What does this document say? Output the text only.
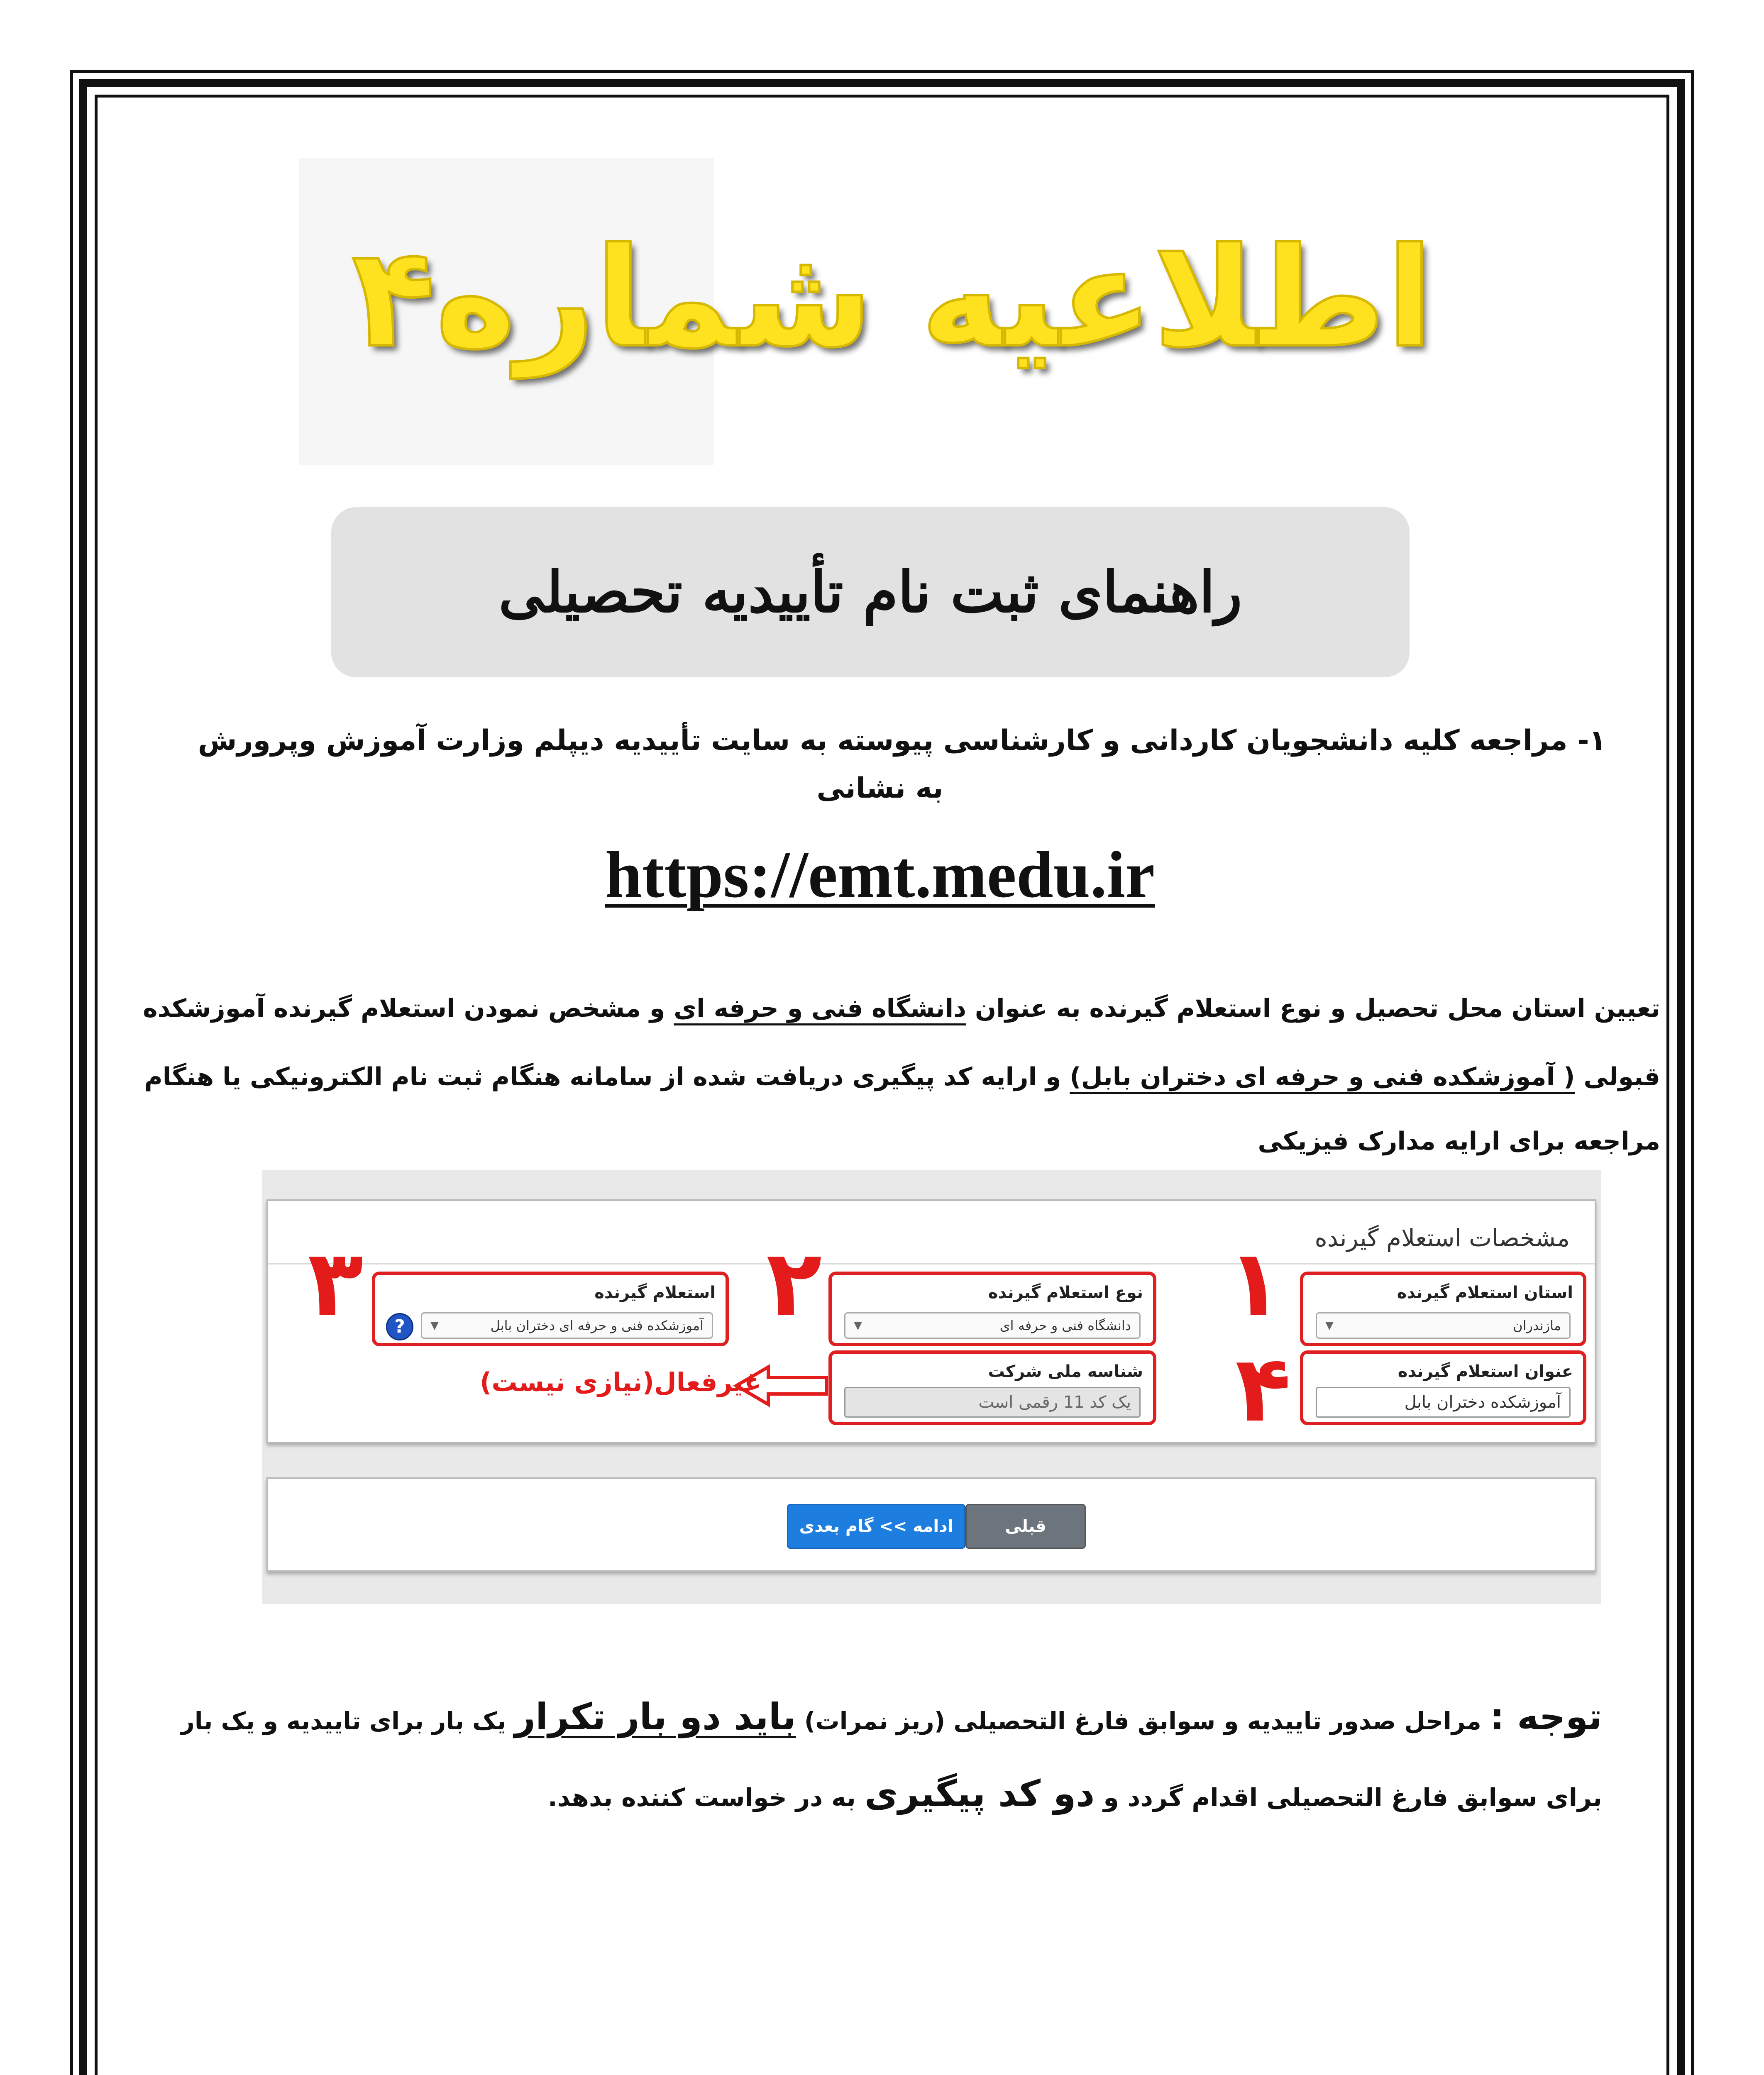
اطلاعیه شماره۴
راهنمای ثبت نام تأییدیه تحصیلی
۱- مراجعه کلیه دانشجویان کاردانی و کارشناسی پیوسته به سایت تأییدیه دیپلم وزارت آموزش وپرورش
به نشانی
https://emt.medu.ir
تعیین استان محل تحصیل و نوع استعلام گیرنده به عنوان دانشگاه فنی و حرفه ای و مشخص نمودن استعلام گیرنده آموزشکده
قبولی ( آموزشکده فنی و حرفه ای دختران بابل) و ارایه کد پیگیری دریافت شده از سامانه هنگام ثبت نام الکترونیکی یا هنگام
مراجعه برای ارایه مدارک فیزیکی
مشخصات استعلام گیرنده
استان استعلام گیرنده
مازندران
▼
نوع استعلام گیرنده
دانشگاه فنی و حرفه ای
▼
استعلام گیرنده
آموزشکده فنی و حرفه ای دختران بابل
▼
?
عنوان استعلام گیرنده
آموزشکده دختران بابل
شناسه ملی شرکت
یک کد 11 رقمی است
۱
۲
۳
۴
غیرفعال(نیازی نیست)
ادامه >> گام بعدی	قبلی
توجه : مراحل صدور تاییدیه و سوابق فارغ التحصیلی (ریز نمرات) باید دو بار تکرار یک بار برای تاییدیه و یک بار
برای سوابق فارغ التحصیلی اقدام گردد و دو کد پیگیری به در خواست کننده بدهد.
